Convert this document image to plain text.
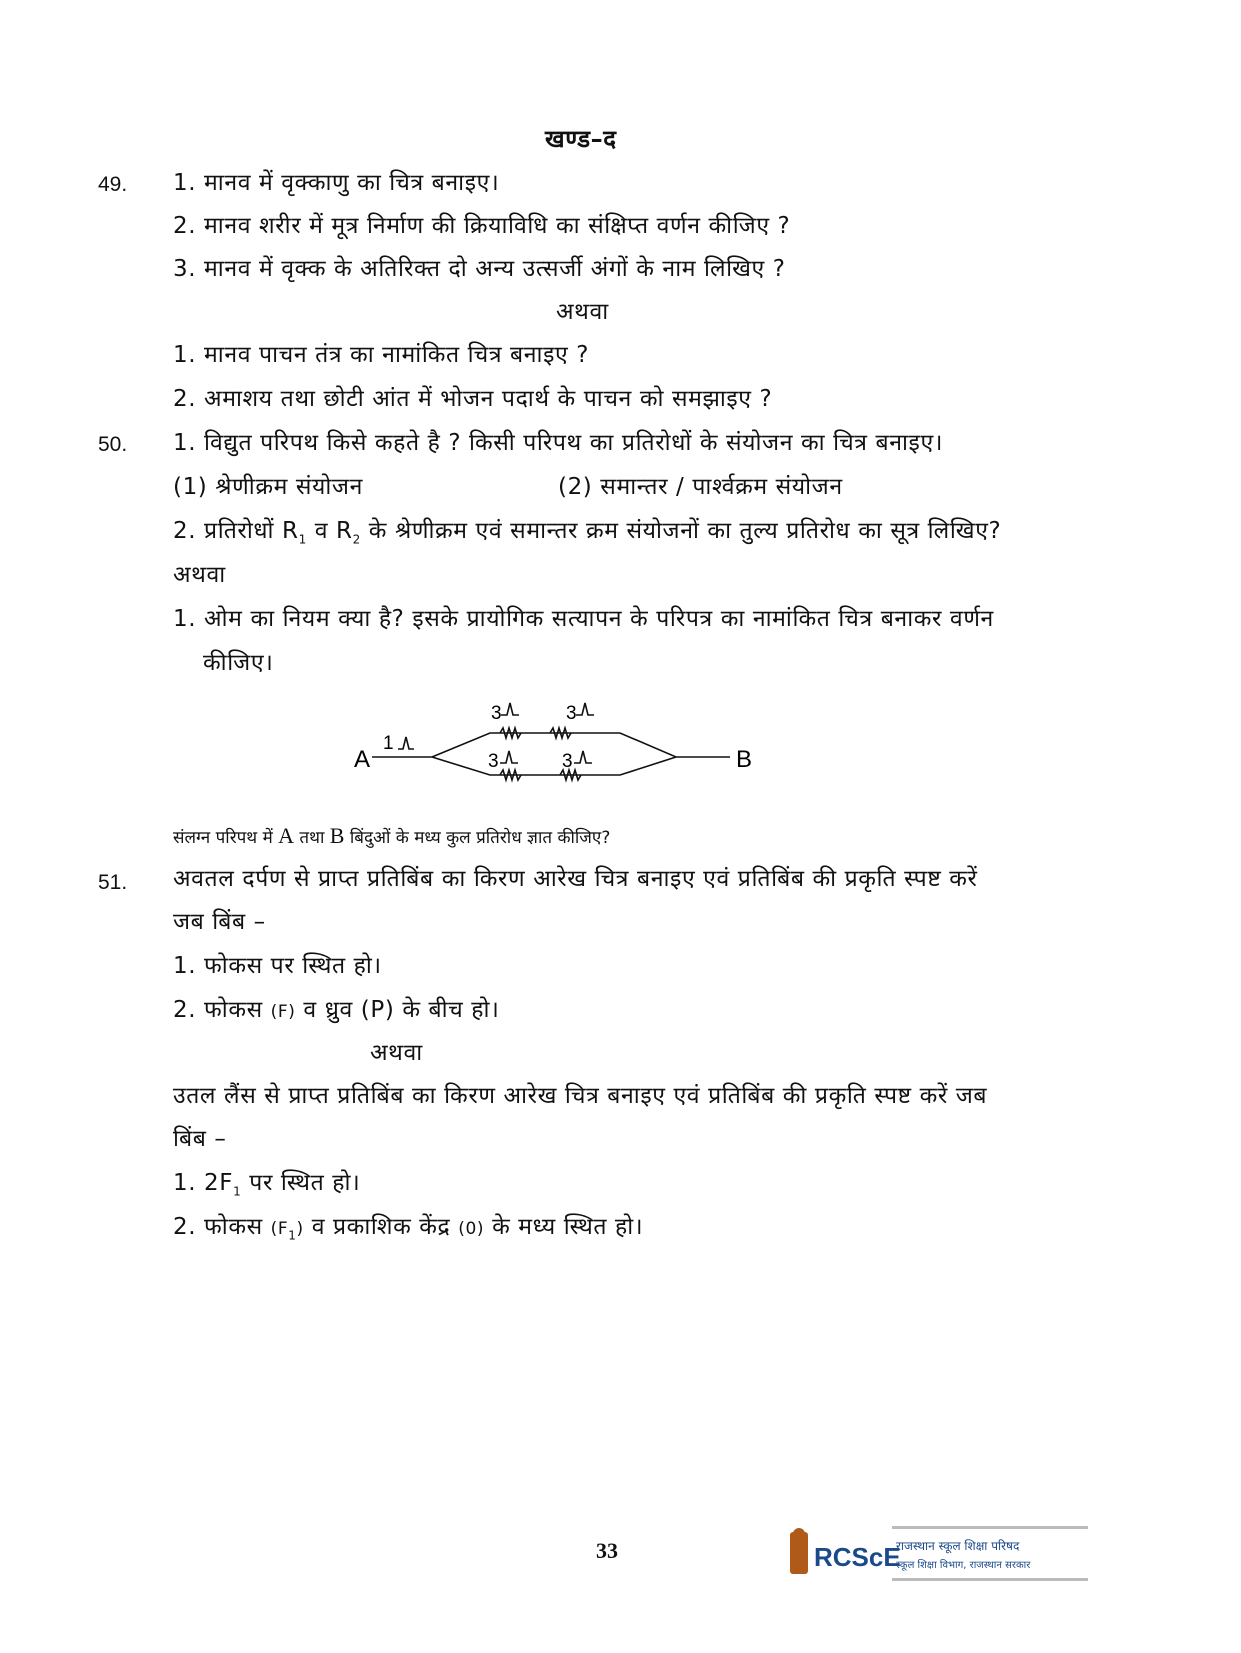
खण्ड–द
49. 1. मानव में वृक्काणु का चित्र बनाइए।
2. मानव शरीर में मूत्र निर्माण की क्रियाविधि का संक्षिप्त वर्णन कीजिए ?
3. मानव में वृक्क के अतिरिक्त दो अन्य उत्सर्जी अंगों के नाम लिखिए ?
अथवा
1. मानव पाचन तंत्र का नामांकित चित्र बनाइए ?
2. अमाशय तथा छोटी आंत में भोजन पदार्थ के पाचन को समझाइए ?
50. 1. विद्युत परिपथ किसे कहते है ? किसी परिपथ का प्रतिरोधों के संयोजन का चित्र बनाइए।
(1) श्रेणीक्रम संयोजन	(2) समान्तर / पार्श्वक्रम संयोजन
2. प्रतिरोधों $R_1$ व $R_2$ के श्रेणीक्रम एवं समान्तर क्रम संयोजनों का तुल्य प्रतिरोध का सूत्र लिखिए?
अथवा
1. ओम का नियम क्या है? इसके प्रायोगिक सत्यापन के परिपत्र का नामांकित चित्र बनाकर वर्णन
कीजिए।
A	B
1
3	3
3	3
संलग्न परिपथ में A तथा B बिंदुओं के मध्य कुल प्रतिरोध ज्ञात कीजिए?
51. अवतल दर्पण से प्राप्त प्रतिबिंब का किरण आरेख चित्र बनाइए एवं प्रतिबिंब की प्रकृति स्पष्ट करें
जब बिंब –
1. फोकस पर स्थित हो।
2. फोकस (F) व ध्रुव (P) के बीच हो।
अथवा
उतल लैंस से प्राप्त प्रतिबिंब का किरण आरेख चित्र बनाइए एवं प्रतिबिंब की प्रकृति स्पष्ट करें जब
बिंब –
1. $2F_1$ पर स्थित हो।
2. फोकस $(F_1)$ व प्रकाशिक केंद्र (0) के मध्य स्थित हो।
33	RCScE
राजस्थान स्कूल शिक्षा परिषद
स्कूल शिक्षा विभाग, राजस्थान सरकार
